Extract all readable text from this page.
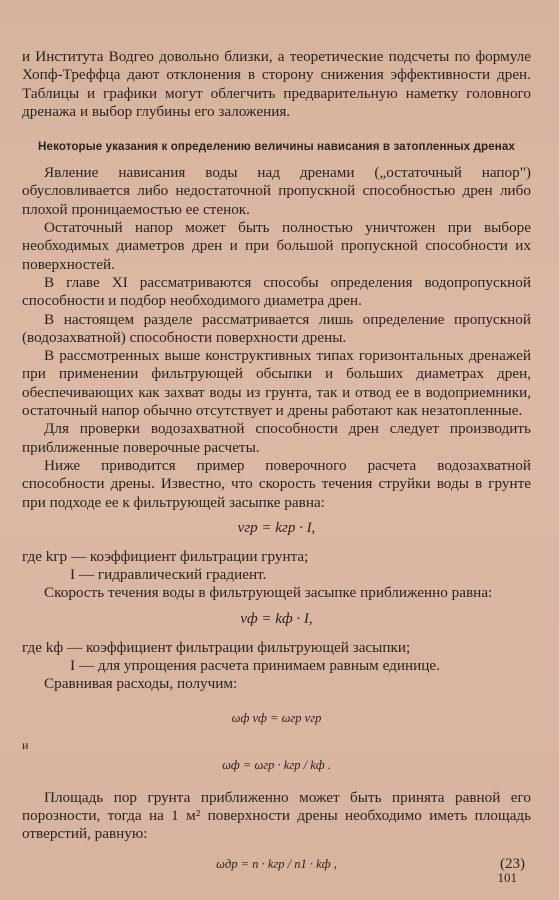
и Института Водгео довольно близки, а теоретические подсчеты по формуле Хопф-Треффца дают отклонения в сторону снижения эффективности дрен. Таблицы и графики могут облегчить предварительную наметку головного дренажа и выбор глубины его заложения.

Некоторые указания к определению величины нависания в затопленных дренах

Явление нависания воды над дренами („остаточный напор") обусловливается либо недостаточной пропускной способностью дрен либо плохой проницаемостью ее стенок.

Остаточный напор может быть полностью уничтожен при выборе необходимых диаметров дрен и при большой пропускной способности их поверхностей.

В главе XI рассматриваются способы определения водопропускной способности и подбор необходимого диаметра дрен.

В настоящем разделе рассматривается лишь определение пропускной (водозахватной) способности поверхности дрены.

В рассмотренных выше конструктивных типах горизонтальных дренажей при применении фильтрующей обсыпки и больших диаметрах дрен, обеспечивающих как захват воды из грунта, так и отвод ее в водоприемники, остаточный напор обычно отсутствует и дрены работают как незатопленные.

Для проверки водозахватной способности дрен следует производить приближенные поверочные расчеты.

Ниже приводится пример поверочного расчета водозахватной способности дрены. Известно, что скорость течения струйки воды в грунте при подходе ее к фильтрующей засыпке равна:

vгр = kгр · I,
где kгр — коэффициент фильтрации грунта;
I — гидравлический градиент.

Скорость течения воды в фильтрующей засыпке приближенно равна:

vф = kф · I,
где kф — коэффициент фильтрации фильтрующей засыпки;
I — для упрощения расчета принимаем равным единице.

Сравнивая расходы, получим:

ωф vф = ωгр vгр
и
ωф = ωгр · kгр / kф .

Площадь пор грунта приближенно может быть принята равной его порозности, тогда на 1 м² поверхности дрены необходимо иметь площадь отверстий, равную:

ωдр = n · kгр / n1 · kф ,	(23)
101
